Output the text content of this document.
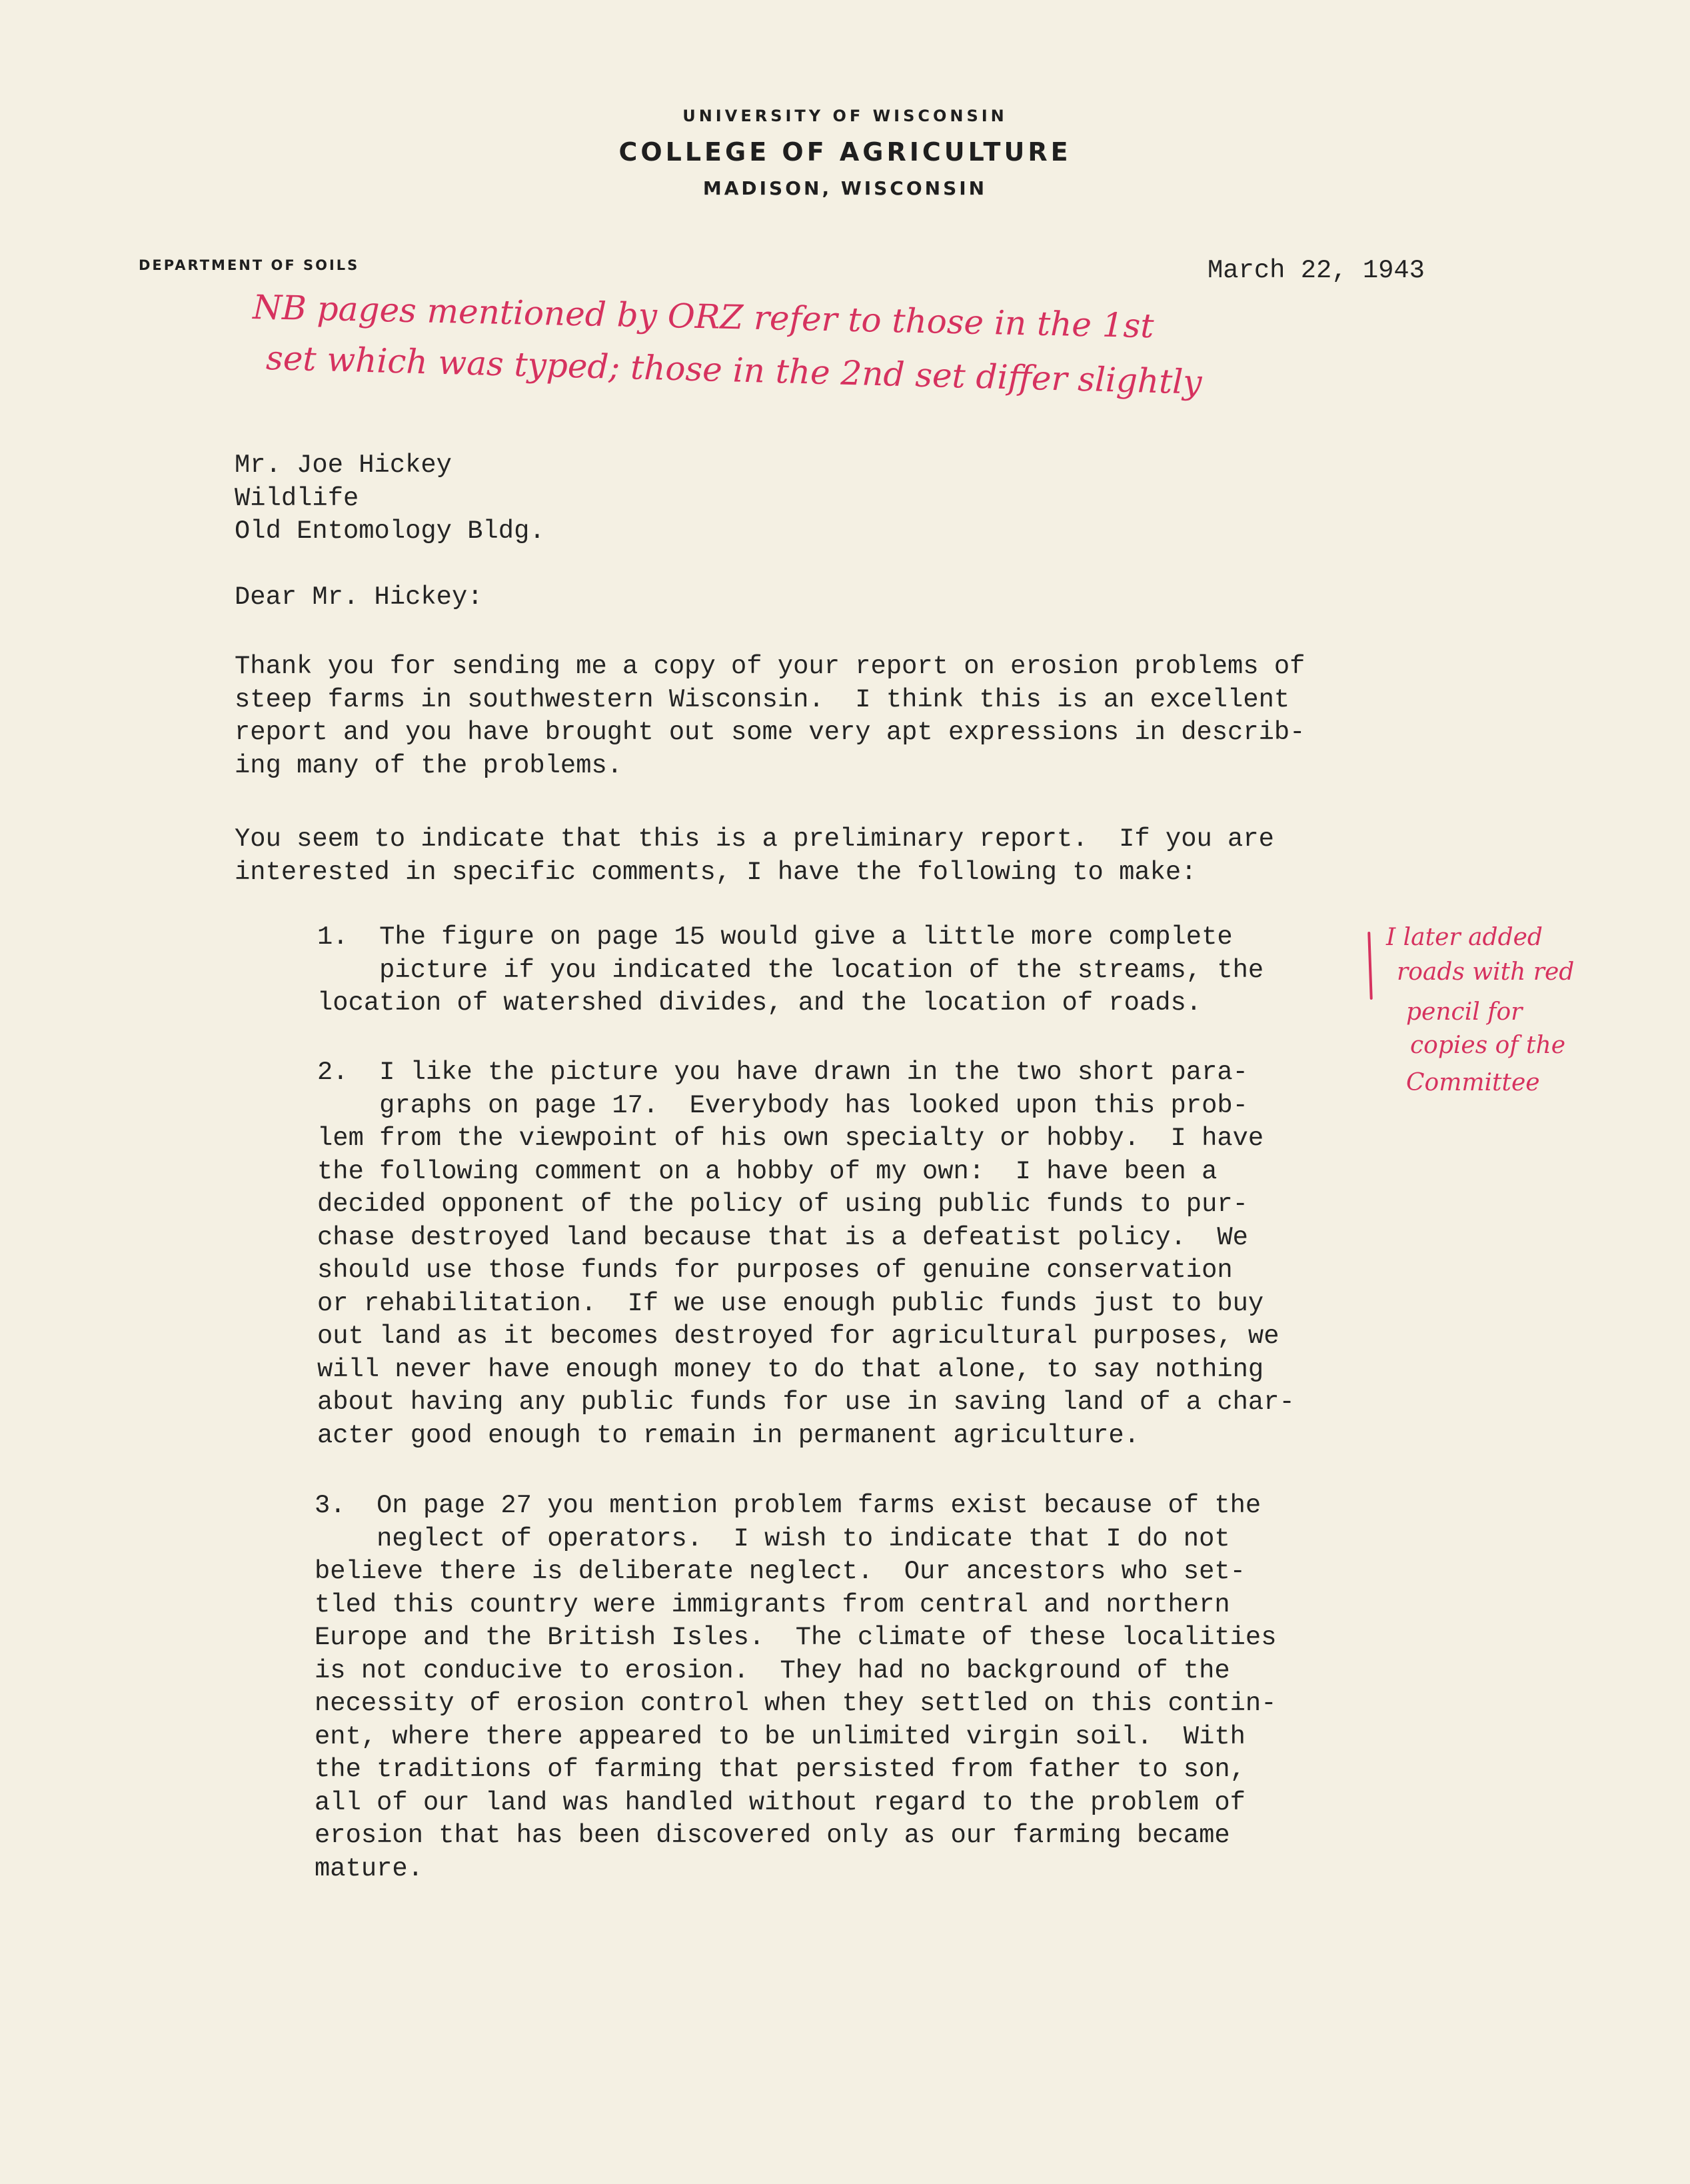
UNIVERSITY OF WISCONSIN
COLLEGE OF AGRICULTURE
MADISON, WISCONSIN
DEPARTMENT OF SOILS	March 22, 1943
NB pages mentioned by ORZ refer to those in the 1st
set which was typed; those in the 2nd set differ slightly
Mr. Joe Hickey
Wildlife
Old Entomology Bldg.
Dear Mr. Hickey:

Thank you for sending me a copy of your report on erosion problems of
steep farms in southwestern Wisconsin.  I think this is an excellent
report and you have brought out some very apt expressions in describ-
ing many of the problems.

You seem to indicate that this is a preliminary report.  If you are
interested in specific comments, I have the following to make:

1.  The figure on page 15 would give a little more complete
picture if you indicated the location of the streams, the
location of watershed divides, and the location of roads.

2.  I like the picture you have drawn in the two short para-
graphs on page 17.  Everybody has looked upon this prob-
lem from the viewpoint of his own specialty or hobby.  I have
the following comment on a hobby of my own:  I have been a
decided opponent of the policy of using public funds to pur-
chase destroyed land because that is a defeatist policy.  We
should use those funds for purposes of genuine conservation
or rehabilitation.  If we use enough public funds just to buy
out land as it becomes destroyed for agricultural purposes, we
will never have enough money to do that alone, to say nothing
about having any public funds for use in saving land of a char-
acter good enough to remain in permanent agriculture.

3.  On page 27 you mention problem farms exist because of the
neglect of operators.  I wish to indicate that I do not
believe there is deliberate neglect.  Our ancestors who set-
tled this country were immigrants from central and northern
Europe and the British Isles.  The climate of these localities
is not conducive to erosion.  They had no background of the
necessity of erosion control when they settled on this contin-
ent, where there appeared to be unlimited virgin soil.  With
the traditions of farming that persisted from father to son,
all of our land was handled without regard to the problem of
erosion that has been discovered only as our farming became
mature.

I later added
roads with red
pencil for
copies of the
Committee
